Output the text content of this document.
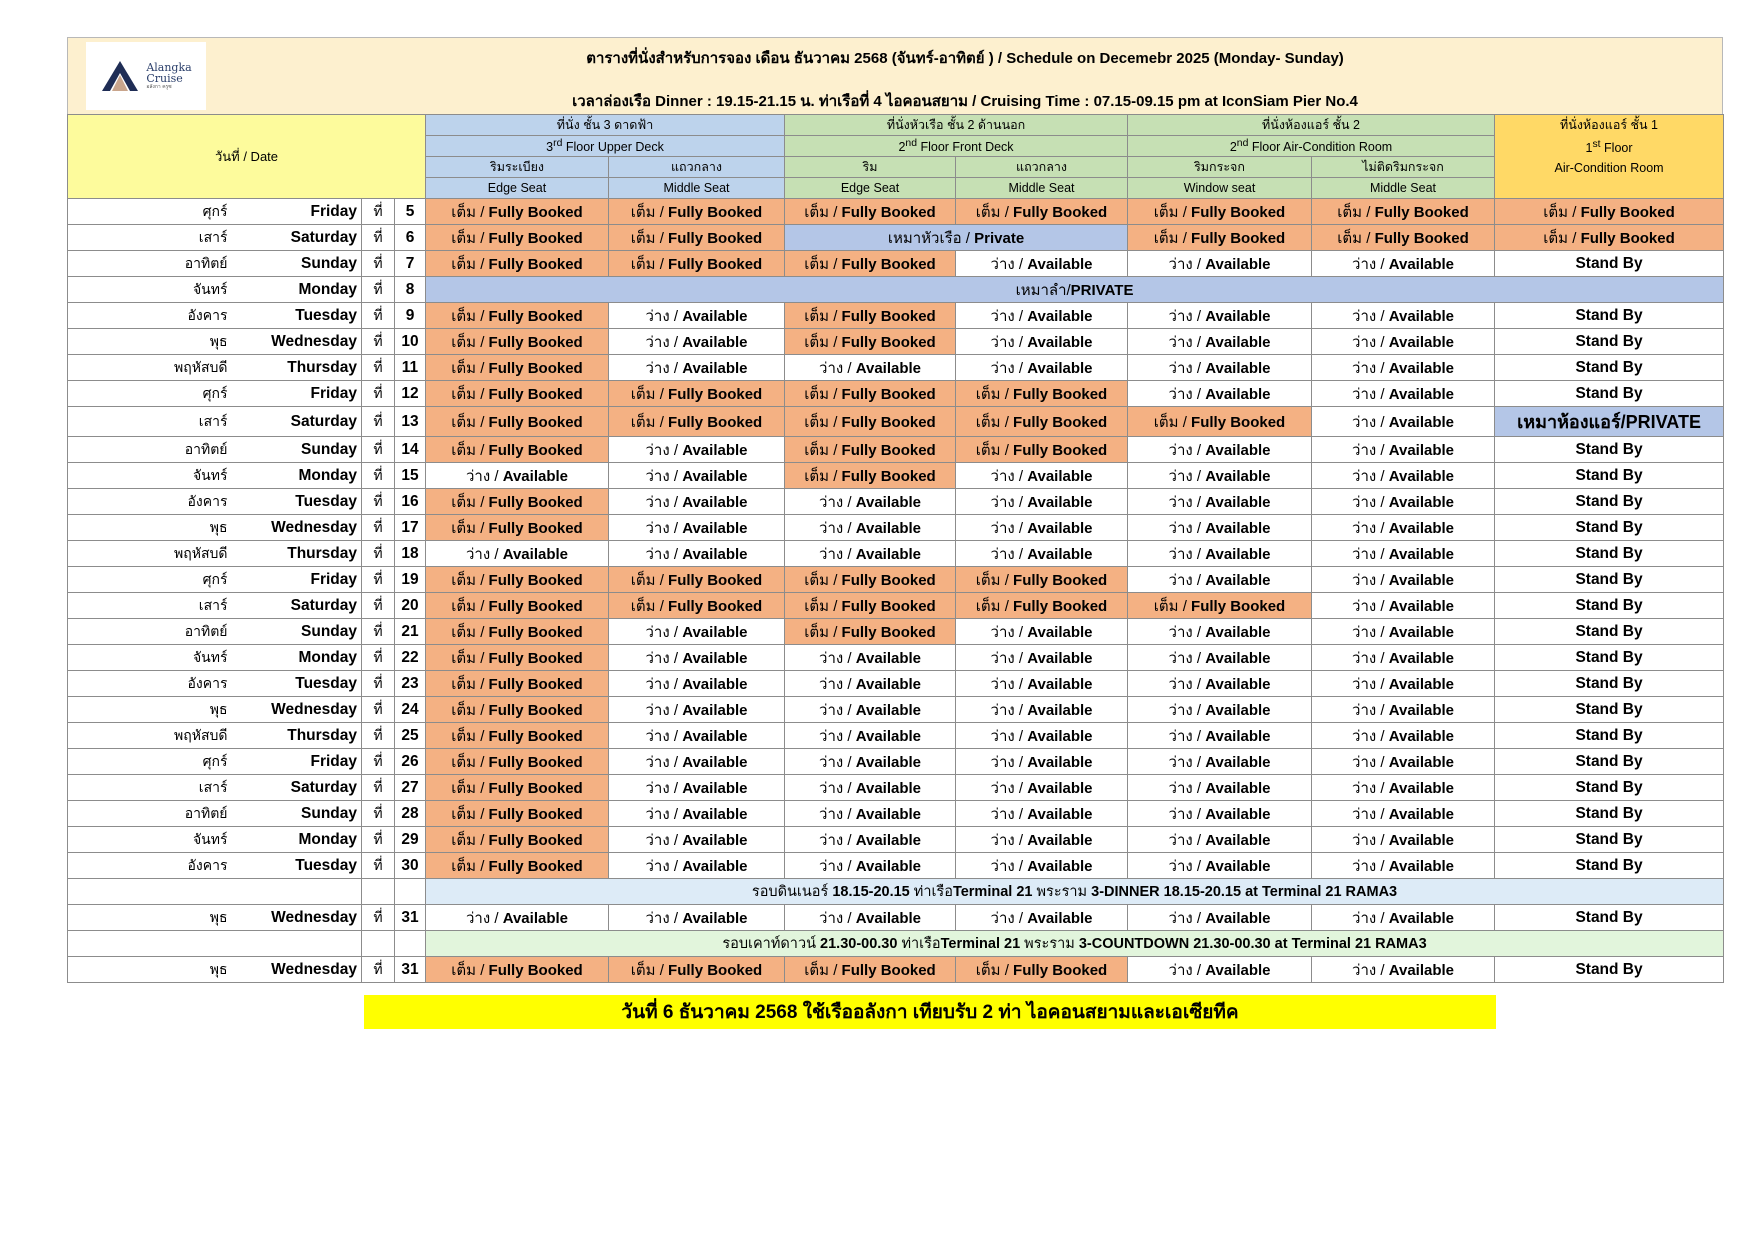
Alangka
Cruise
อลังกา ครูซ
ตารางที่นั่งสำหรับการจอง เดือน ธันวาคม 2568 (จันทร์-อาทิตย์ ) / Schedule on Decemebr 2025 (Monday- Sunday)
เวลาล่องเรือ Dinner : 19.15-21.15 น. ท่าเรือที่ 4 ไอคอนสยาม / Cruising Time : 07.15-09.15 pm at IconSiam Pier No.4
วันที่ / Date				ที่นั่ง ชั้น 3 ดาดฟ้า		ที่นั่งหัวเรือ ชั้น 2 ด้านนอก		ที่นั่งห้องแอร์ ชั้น 2		ที่นั่งห้องแอร์ ชั้น 1
1st Floor
Air-Condition Room

				3rd Floor Upper Deck		2nd Floor Front Deck		2nd Floor Air-Condition Room		
				ริมระเบียง	แถวกลาง	ริม	แถวกลาง	ริมกระจก	ไม่ติดริมกระจก	
				Edge Seat	Middle Seat	Edge Seat	Middle Seat	Window seat	Middle Seat	
ศุกร์	Friday	ที่	5	เต็ม / Fully Booked	เต็ม / Fully Booked	เต็ม / Fully Booked	เต็ม / Fully Booked	เต็ม / Fully Booked	เต็ม / Fully Booked	เต็ม / Fully Booked
เสาร์	Saturday	ที่	6	เต็ม / Fully Booked	เต็ม / Fully Booked	เหมาหัวเรือ / Private		เต็ม / Fully Booked	เต็ม / Fully Booked	เต็ม / Fully Booked
อาทิตย์	Sunday	ที่	7	เต็ม / Fully Booked	เต็ม / Fully Booked	เต็ม / Fully Booked	ว่าง / Available	ว่าง / Available	ว่าง / Available	Stand By
จันทร์	Monday	ที่	8	เหมาลำ/PRIVATE						
อังคาร	Tuesday	ที่	9	เต็ม / Fully Booked	ว่าง / Available	เต็ม / Fully Booked	ว่าง / Available	ว่าง / Available	ว่าง / Available	Stand By
พุธ	Wednesday	ที่	10	เต็ม / Fully Booked	ว่าง / Available	เต็ม / Fully Booked	ว่าง / Available	ว่าง / Available	ว่าง / Available	Stand By
พฤหัสบดี	Thursday	ที่	11	เต็ม / Fully Booked	ว่าง / Available	ว่าง / Available	ว่าง / Available	ว่าง / Available	ว่าง / Available	Stand By
ศุกร์	Friday	ที่	12	เต็ม / Fully Booked	เต็ม / Fully Booked	เต็ม / Fully Booked	เต็ม / Fully Booked	ว่าง / Available	ว่าง / Available	Stand By
เสาร์	Saturday	ที่	13	เต็ม / Fully Booked	เต็ม / Fully Booked	เต็ม / Fully Booked	เต็ม / Fully Booked	เต็ม / Fully Booked	ว่าง / Available	เหมาห้องแอร์/PRIVATE
อาทิตย์	Sunday	ที่	14	เต็ม / Fully Booked	ว่าง / Available	เต็ม / Fully Booked	เต็ม / Fully Booked	ว่าง / Available	ว่าง / Available	Stand By
จันทร์	Monday	ที่	15	ว่าง / Available	ว่าง / Available	เต็ม / Fully Booked	ว่าง / Available	ว่าง / Available	ว่าง / Available	Stand By
อังคาร	Tuesday	ที่	16	เต็ม / Fully Booked	ว่าง / Available	ว่าง / Available	ว่าง / Available	ว่าง / Available	ว่าง / Available	Stand By
พุธ	Wednesday	ที่	17	เต็ม / Fully Booked	ว่าง / Available	ว่าง / Available	ว่าง / Available	ว่าง / Available	ว่าง / Available	Stand By
พฤหัสบดี	Thursday	ที่	18	ว่าง / Available	ว่าง / Available	ว่าง / Available	ว่าง / Available	ว่าง / Available	ว่าง / Available	Stand By
ศุกร์	Friday	ที่	19	เต็ม / Fully Booked	เต็ม / Fully Booked	เต็ม / Fully Booked	เต็ม / Fully Booked	ว่าง / Available	ว่าง / Available	Stand By
เสาร์	Saturday	ที่	20	เต็ม / Fully Booked	เต็ม / Fully Booked	เต็ม / Fully Booked	เต็ม / Fully Booked	เต็ม / Fully Booked	ว่าง / Available	Stand By
อาทิตย์	Sunday	ที่	21	เต็ม / Fully Booked	ว่าง / Available	เต็ม / Fully Booked	ว่าง / Available	ว่าง / Available	ว่าง / Available	Stand By
จันทร์	Monday	ที่	22	เต็ม / Fully Booked	ว่าง / Available	ว่าง / Available	ว่าง / Available	ว่าง / Available	ว่าง / Available	Stand By
อังคาร	Tuesday	ที่	23	เต็ม / Fully Booked	ว่าง / Available	ว่าง / Available	ว่าง / Available	ว่าง / Available	ว่าง / Available	Stand By
พุธ	Wednesday	ที่	24	เต็ม / Fully Booked	ว่าง / Available	ว่าง / Available	ว่าง / Available	ว่าง / Available	ว่าง / Available	Stand By
พฤหัสบดี	Thursday	ที่	25	เต็ม / Fully Booked	ว่าง / Available	ว่าง / Available	ว่าง / Available	ว่าง / Available	ว่าง / Available	Stand By
ศุกร์	Friday	ที่	26	เต็ม / Fully Booked	ว่าง / Available	ว่าง / Available	ว่าง / Available	ว่าง / Available	ว่าง / Available	Stand By
เสาร์	Saturday	ที่	27	เต็ม / Fully Booked	ว่าง / Available	ว่าง / Available	ว่าง / Available	ว่าง / Available	ว่าง / Available	Stand By
อาทิตย์	Sunday	ที่	28	เต็ม / Fully Booked	ว่าง / Available	ว่าง / Available	ว่าง / Available	ว่าง / Available	ว่าง / Available	Stand By
จันทร์	Monday	ที่	29	เต็ม / Fully Booked	ว่าง / Available	ว่าง / Available	ว่าง / Available	ว่าง / Available	ว่าง / Available	Stand By
อังคาร	Tuesday	ที่	30	เต็ม / Fully Booked	ว่าง / Available	ว่าง / Available	ว่าง / Available	ว่าง / Available	ว่าง / Available	Stand By
				รอบดินเนอร์ 18.15-20.15 ท่าเรือTerminal 21 พระราม 3-DINNER 18.15-20.15 at Terminal 21 RAMA3						
พุธ	Wednesday	ที่	31	ว่าง / Available	ว่าง / Available	ว่าง / Available	ว่าง / Available	ว่าง / Available	ว่าง / Available	Stand By
				รอบเคาท์ดาวน์ 21.30-00.30 ท่าเรือTerminal 21 พระราม 3-COUNTDOWN 21.30-00.30 at Terminal 21 RAMA3						
พุธ	Wednesday	ที่	31	เต็ม / Fully Booked	เต็ม / Fully Booked	เต็ม / Fully Booked	เต็ม / Fully Booked	ว่าง / Available	ว่าง / Available	Stand By
วันที่ 6 ธันวาคม 2568 ใช้เรืออลังกา เทียบรับ 2 ท่า ไอคอนสยามและเอเซียทีค
